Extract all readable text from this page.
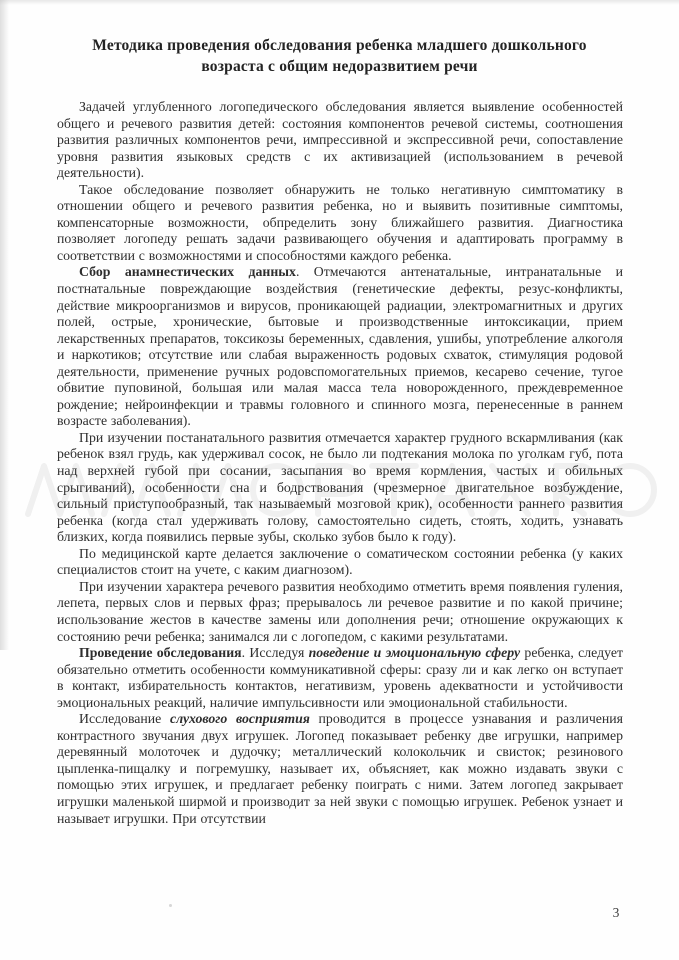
Методика проведения обследования ребенка младшего дошкольного возраста с общим недоразвитием речи

Задачей углубленного логопедического обследования является выявление особенностей общего и речевого развития детей: состояния компонентов речевой системы, соотношения развития различных компонентов речи, импрессивной и экспрессивной речи, сопоставление уровня развития языковых средств с их активизацией (использованием в речевой деятельности).

Такое обследование позволяет обнаружить не только негативную симптоматику в отношении общего и речевого развития ребенка, но и выявить позитивные симптомы, компенсаторные возможности, обпределить зону ближайшего развития. Диагностика позволяет логопеду решать задачи развивающего обучения и адаптировать программу в соответствии с возможностями и способностями каждого ребенка.

Сбор анамнестических данных. Отмечаются антенатальные, интранатальные и постнатальные повреждающие воздействия (генетические дефекты, резус-конфликты, действие микроорганизмов и вирусов, проникающей радиации, электромагнитных и других полей, острые, хронические, бытовые и производственные интоксикации, прием лекарственных препаратов, токсикозы беременных, сдавления, ушибы, употребление алкоголя и наркотиков; отсутствие или слабая выраженность родовых схваток, стимуляция родовой деятельности, применение ручных родовспомогательных приемов, кесарево сечение, тугое обвитие пуповиной, большая или малая масса тела новорожденного, преждевременное рождение; нейроинфекции и травмы головного и спинного мозга, перенесенные в раннем возрасте заболевания).

При изучении постанатального развития отмечается характер грудного вскармливания (как ребенок взял грудь, как удерживал сосок, не было ли подтекания молока по уголкам губ, пота над верхней губой при сосании, засыпания во время кормления, частых и обильных срыгиваний), особенности сна и бодрствования (чрезмерное двигательное возбуждение, сильный приступообразный, так называемый мозговой крик), особенности раннего развития ребенка (когда стал удерживать голову, самостоятельно сидеть, стоять, ходить, узнавать близких, когда появились первые зубы, сколько зубов было к году).

По медицинской карте делается заключение о соматическом состоянии ребенка (у каких специалистов стоит на учете, с каким диагнозом).

При изучении характера речевого развития необходимо отметить время появления гуления, лепета, первых слов и первых фраз; прерывалось ли речевое развитие и по какой причине; использование жестов в качестве замены или дополнения речи; отношение окружающих к состоянию речи ребенка; занимался ли с логопедом, с какими результатами.

Проведение обследования. Исследуя поведение и эмоциональную сферу ребенка, следует обязательно отметить особенности коммуникативной сферы: сразу ли и как легко он вступает в контакт, избирательность контактов, негативизм, уровень адекватности и устойчивости эмоциональных реакций, наличие импульсивности или эмоциональной стабильности.

Исследование слухового восприятия проводится в процессе узнавания и различения контрастного звучания двух игрушек. Логопед показывает ребенку две игрушки, например деревянный молоточек и дудочку; металлический колокольчик и свисток; резинового цыпленка-пищалку и погремушку, называет их, объясняет, как можно издавать звуки с помощью этих игрушек, и предлагает ребенку поиграть с ними. Затем логопед закрывает игрушки маленькой ширмой и производит за ней звуки с помощью игрушек. Ребенок узнает и называет игрушки. При отсутствии

3
